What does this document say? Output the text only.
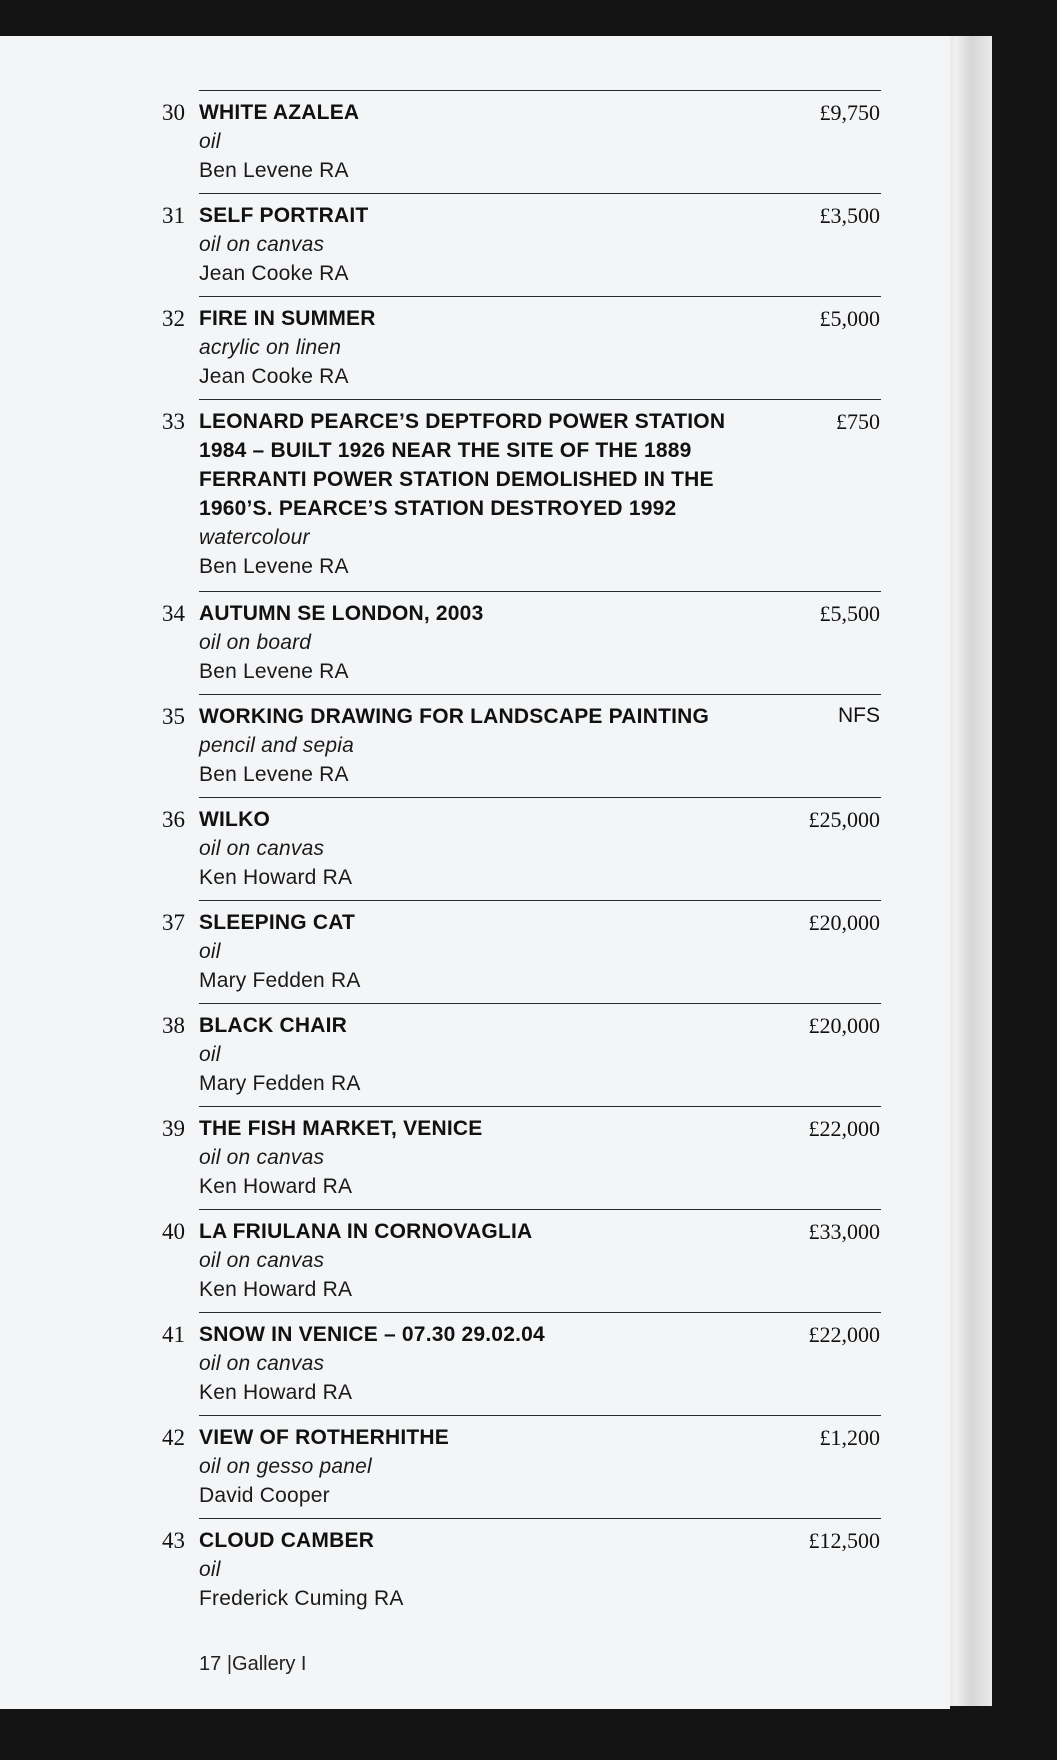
30 WHITE AZALEA
oil
Ben Levene RA
£9,750
31 SELF PORTRAIT
oil on canvas
Jean Cooke RA
£3,500
32 FIRE IN SUMMER
acrylic on linen
Jean Cooke RA
£5,000
33 LEONARD PEARCE’S DEPTFORD POWER STATION 1984 – BUILT 1926 NEAR THE SITE OF THE 1889 FERRANTI POWER STATION DEMOLISHED IN THE 1960’S. PEARCE’S STATION DESTROYED 1992
watercolour
Ben Levene RA
£750
34 AUTUMN SE LONDON, 2003
oil on board
Ben Levene RA
£5,500
35 WORKING DRAWING FOR LANDSCAPE PAINTING
pencil and sepia
Ben Levene RA
NFS
36 WILKO
oil on canvas
Ken Howard RA
£25,000
37 SLEEPING CAT
oil
Mary Fedden RA
£20,000
38 BLACK CHAIR
oil
Mary Fedden RA
£20,000
39 THE FISH MARKET, VENICE
oil on canvas
Ken Howard RA
£22,000
40 LA FRIULANA IN CORNOVAGLIA
oil on canvas
Ken Howard RA
£33,000
41 SNOW IN VENICE – 07.30 29.02.04
oil on canvas
Ken Howard RA
£22,000
42 VIEW OF ROTHERHITHE
oil on gesso panel
David Cooper
£1,200
43 CLOUD CAMBER
oil
Frederick Cuming RA
£12,500
17 |Gallery I
